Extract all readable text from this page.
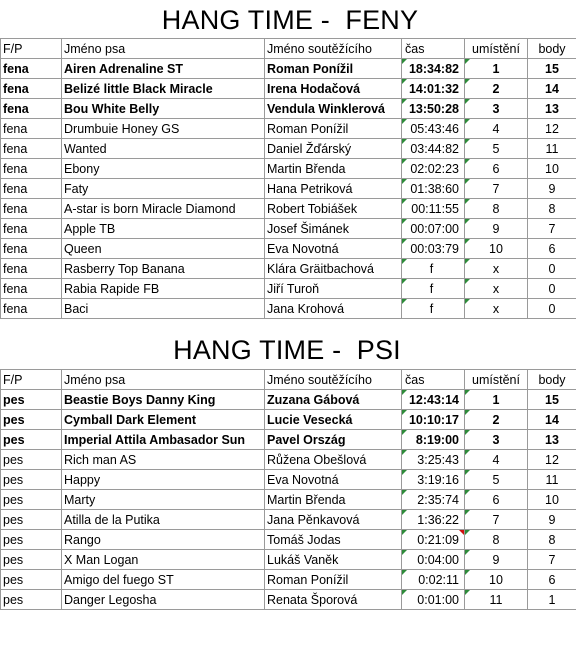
HANG TIME -  FENY
F/P	Jméno psa	Jméno soutěžícího	čas	umístění	body
fena	Airen Adrenaline ST	Roman Ponížil	18:34:82	1	15
fena	Belizé little Black Miracle	Irena Hodačová	14:01:32	2	14
fena	Bou White Belly	Vendula Winklerová	13:50:28	3	13
fena	Drumbuie Honey GS	Roman Ponížil	05:43:46	4	12
fena	Wanted	Daniel Žďárský	03:44:82	5	11
fena	Ebony	Martin Břenda	02:02:23	6	10
fena	Faty	Hana Petriková	01:38:60	7	9
fena	A-star is born Miracle Diamond	Robert Tobiášek	00:11:55	8	8
fena	Apple TB	Josef Šimánek	00:07:00	9	7
fena	Queen	Eva Novotná	00:03:79	10	6
fena	Rasberry Top Banana	Klára Gräitbachová	f	x	0
fena	Rabia Rapide FB	Jiří Turoň	f	x	0
fena	Baci	Jana Krohová	f	x	0
HANG TIME -  PSI
F/P	Jméno psa	Jméno soutěžícího	čas	umístění	body
pes	Beastie Boys Danny King	Zuzana Gábová	12:43:14	1	15
pes	Cymball Dark Element	Lucie Vesecká	10:10:17	2	14
pes	Imperial Attila Ambasador Sun	Pavel Ország	8:19:00	3	13
pes	Rich man AS	Růžena Obešlová	3:25:43	4	12
pes	Happy	Eva Novotná	3:19:16	5	11
pes	Marty	Martin Břenda	2:35:74	6	10
pes	Atilla de la Putika	Jana Pěnkavová	1:36:22	7	9
pes	Rango	Tomáš Jodas	0:21:09	8	8
pes	X Man Logan	Lukáš Vaněk	0:04:00	9	7
pes	Amigo del fuego ST	Roman Ponížil	0:02:11	10	6
pes	Danger Legosha	Renata Šporová	0:01:00	11	1
